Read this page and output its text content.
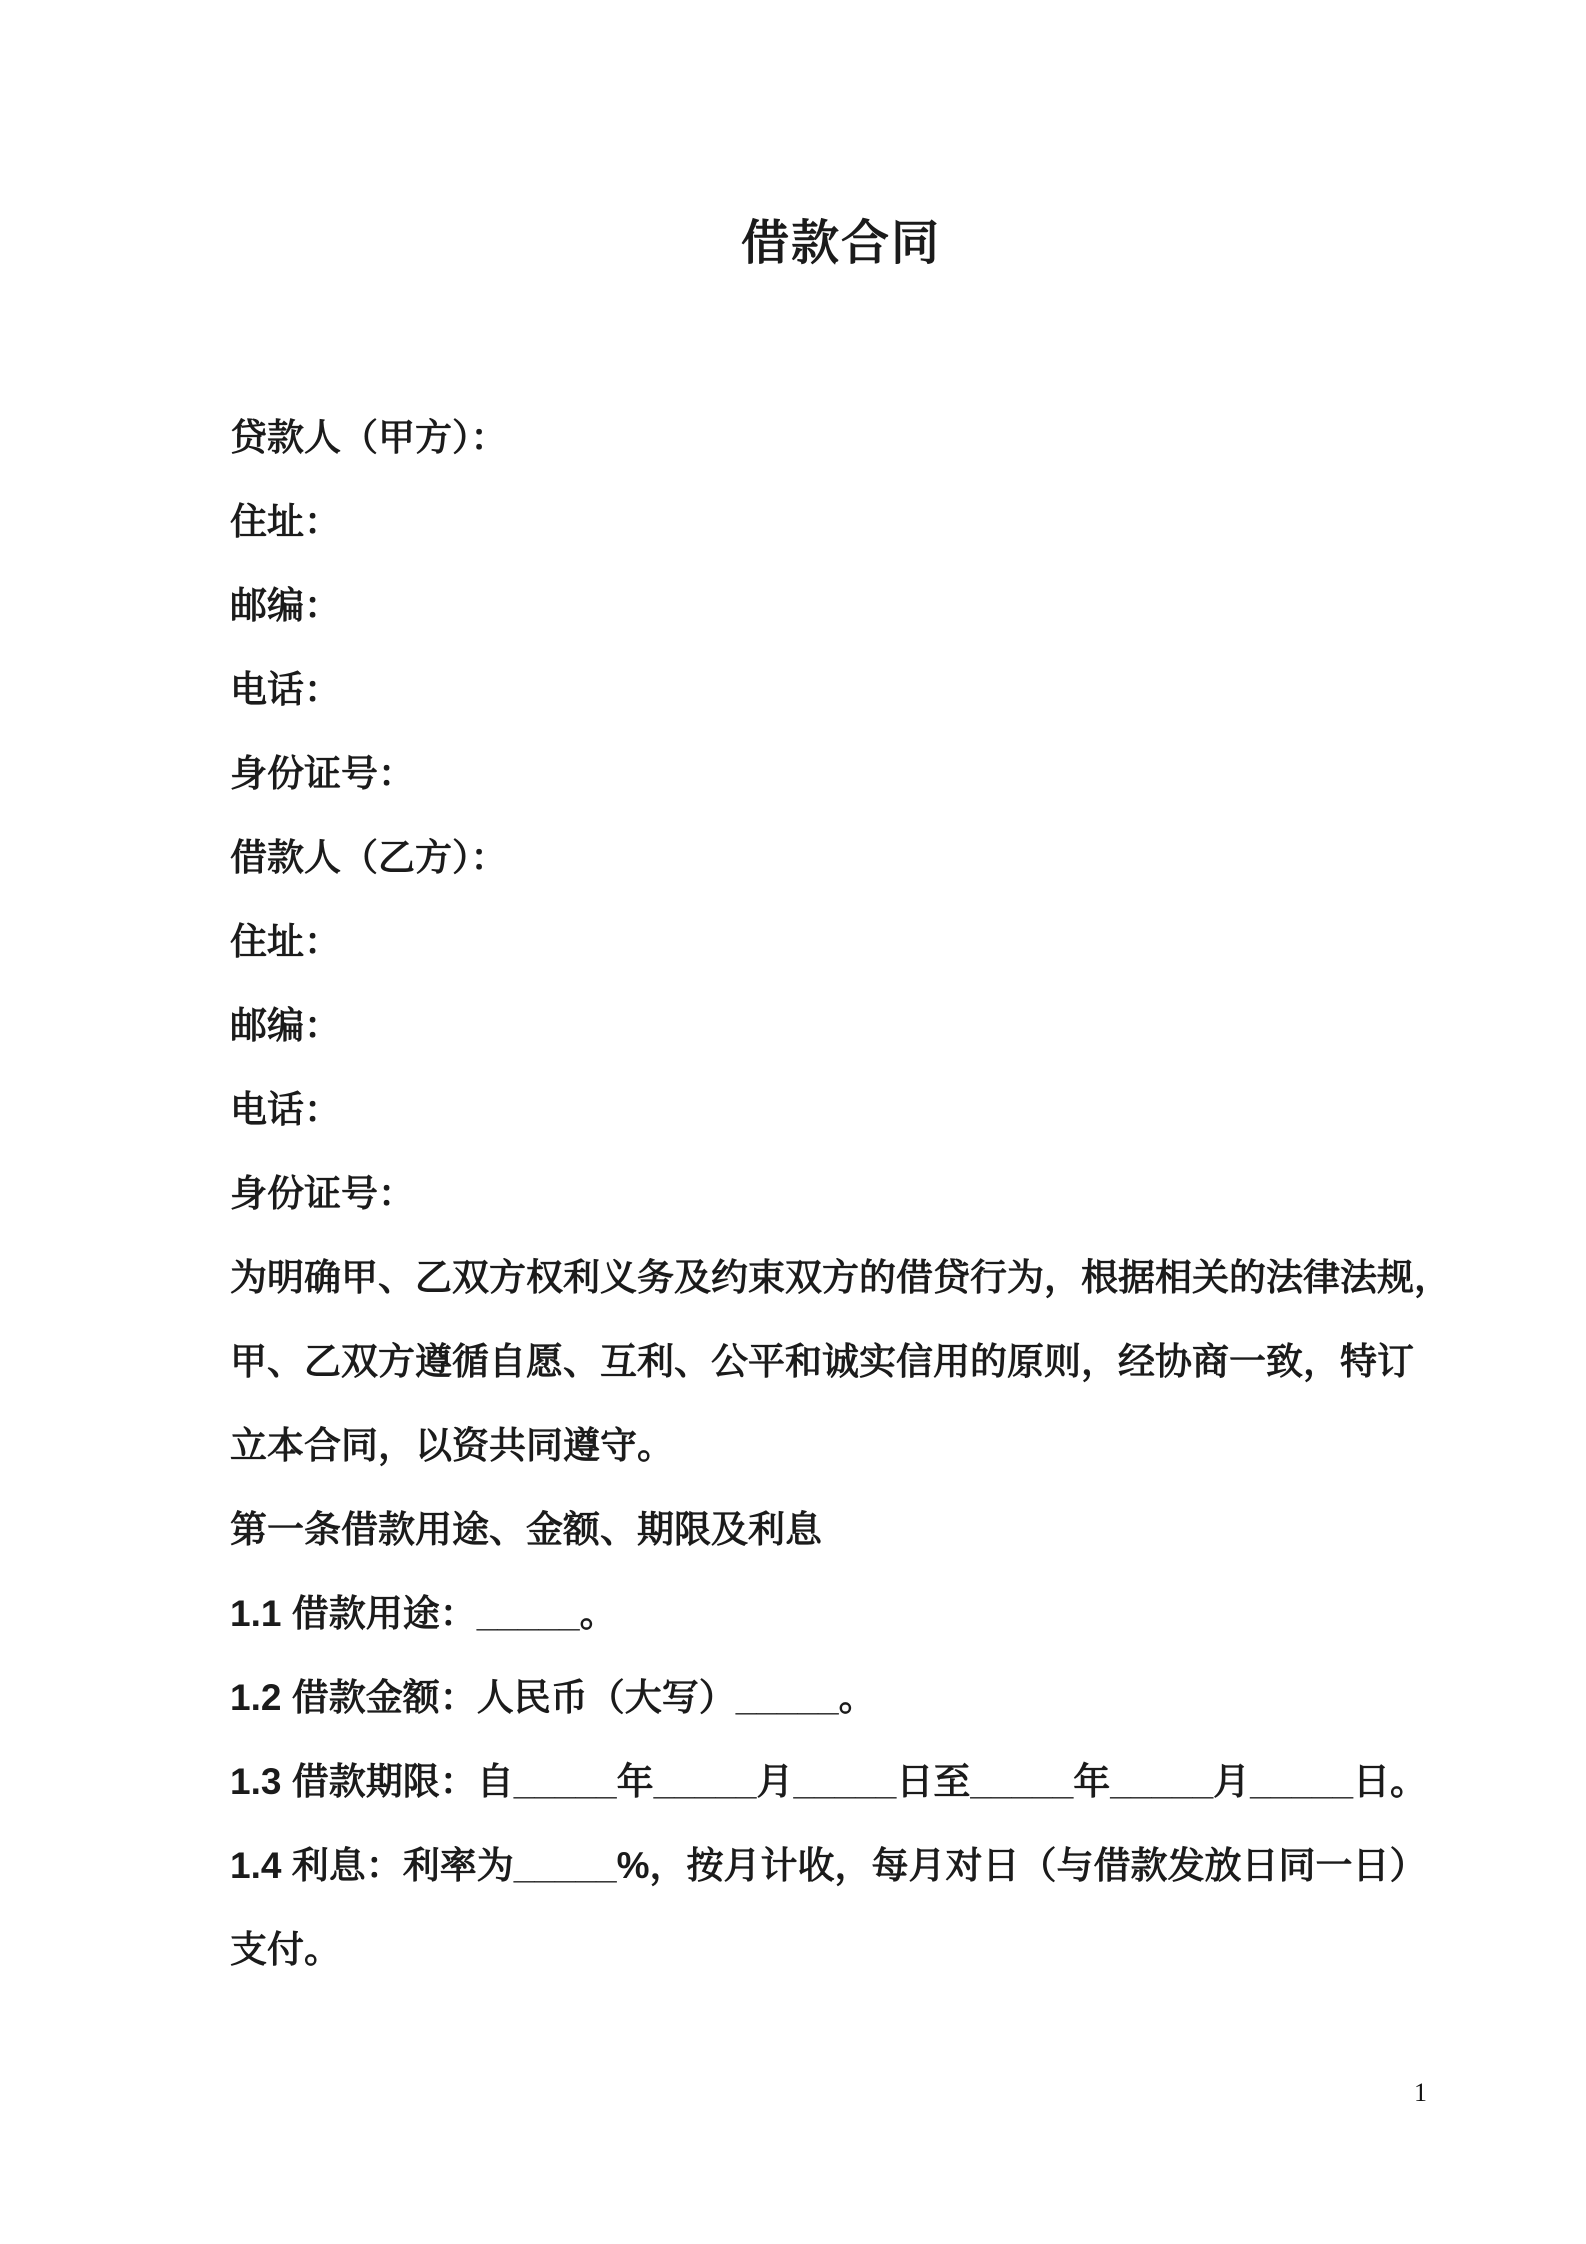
借款合同
贷款人（甲方）：
住址：
邮编：
电话：
身份证号：
借款人（乙方）：
住址：
邮编：
电话：
身份证号：
为明确甲、乙双方权利义务及约束双方的借贷行为，根据相关的法律法规，
甲、乙双方遵循自愿、互利、公平和诚实信用的原则，经协商一致，特订
立本合同，以资共同遵守。
第一条借款用途、金额、期限及利息
1.1 借款用途：_____。
1.2 借款金额：人民币（大写）_____。
1.3 借款期限：自_____年_____月_____日至_____年_____月_____日。
1.4 利息：利率为_____%，按月计收，每月对日（与借款发放日同一日）
支付。
1
